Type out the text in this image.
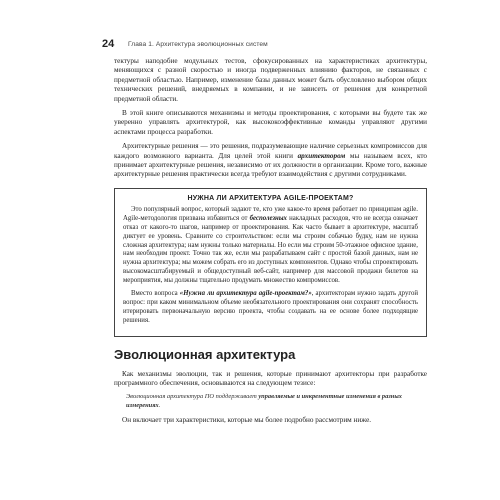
24	Глава 1. Архитектура эволюционных систем

тектуры наподобие модульных тестов, сфокусированных на характеристиках архитектуры, меняющихся с разной скоростью и иногда подверженных влиянию факторов, не связанных с предметной областью. Например, изменение базы данных может быть обусловлено выбором общих технических решений, внедряемых в компании, и не зависеть от решения для конкретной предметной области.

В этой книге описываются механизмы и методы проектирования, с которыми вы будете так же уверенно управлять архитектурой, как высококоэффективные команды управляют другими аспектами процесса разработки.

Архитектурные решения — это решения, подразумевающие наличие серьезных компромиссов для каждого возможного варианта. Для целей этой книги архитектором мы называем всех, кто принимает архитектурные решения, независимо от их должности в организации. Кроме того, важные архитектурные решения практически всегда требуют взаимодействия с другими сотрудниками.

НУЖНА ЛИ АРХИТЕКТУРА AGILE-ПРОЕКТАМ?

Это популярный вопрос, который задают те, кто уже какое-то время работает по принципам agile. Agile-методология призвана избавиться от бесполезных накладных расходов, что не всегда означает отказ от какого-то шагов, например от проектирования. Как часто бывает в архитектуре, масштаб диктует ее уровень. Сравните со строительством: если мы строим собачью будку, нам не нужна сложная архитектура; нам нужны только материалы. Но если мы строим 50-этажное офисное здание, нам необходим проект. Точно так же, если мы разрабатываем сайт с простой базой данных, нам не нужна архитектура; мы можем собрать его из доступных компонентов. Однако чтобы спроектировать высокомасштабируемый и общедоступный веб-сайт, например для массовой продажи билетов на мероприятия, мы должны тщательно продумать множество компромиссов.

Вместо вопроса «Нужна ли архитектура agile-проектам?», архитекторам нужно задать другой вопрос: при каком минимальном объеме необязательного проектирования они сохранят способность итерировать первоначальную версию проекта, чтобы создавать на ее основе более подходящие решения.

Эволюционная архитектура

Как механизмы эволюции, так и решения, которые принимают архитекторы при разработке программного обеспечения, основываются на следующем тезисе:

Эволюционная архитектура ПО поддерживает управляемые и инкрементные изменения в разных измерениях.

Он включает три характеристики, которые мы более подробно рассмотрим ниже.
